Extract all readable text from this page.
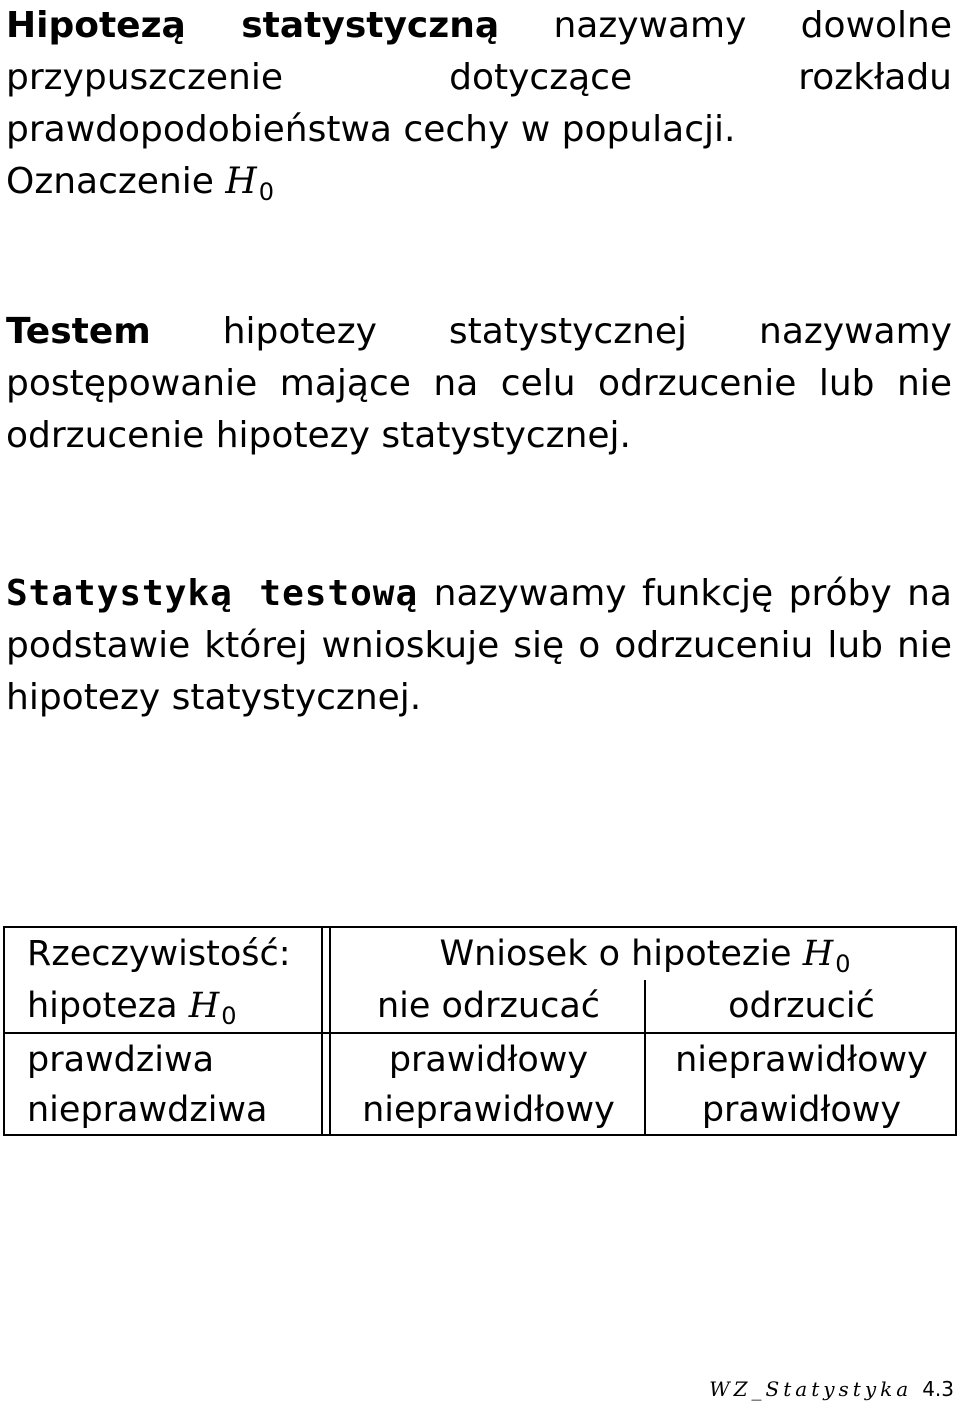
Hipotezą statystyczną nazywamy dowolne przypuszczenie dotyczące rozkładu prawdopodobieństwa cechy w populacji.
Oznaczenie $H_0$

Testem hipotezy statystycznej nazywamy postępowanie mające na celu odrzucenie lub nie odrzucenie hipotezy statystycznej.

Statystyką testową nazywamy funkcję próby na podstawie której wnioskuje się o odrzuceniu lub nie hipotezy statystycznej.

Rzeczywistość:	Wniosek o hipotezie $H_0$
hipoteza $H_0$	nie odrzucać	odrzucić
prawdziwa	prawidłowy	nieprawidłowy
nieprawdziwa	nieprawidłowy	prawidłowy
WZ_Statystyka 4.3
